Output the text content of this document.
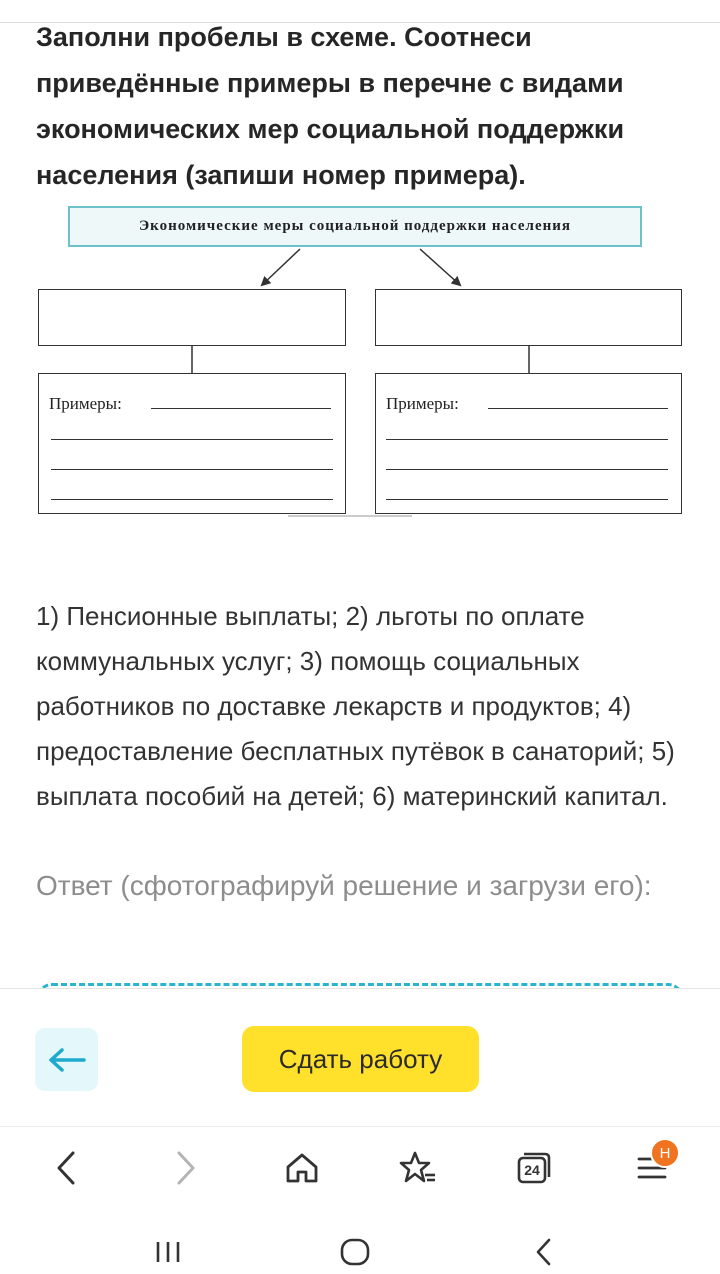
Заполни пробелы в схеме. Соотнеси приведённые примеры в перечне с видами экономических мер социальной поддержки населения (запиши номер примера).
Экономические меры социальной поддержки населения
Примеры:	Примеры:
1) Пенсионные выплаты; 2) льготы по оплате коммунальных услуг; 3) помощь социальных работников по доставке лекарств и продуктов; 4) предоставление бесплатных путёвок в санаторий; 5) выплата пособий на детей; 6) материнский капитал.
Ответ (сфотографируй решение и загрузи его):
Сдать работу
24
H
